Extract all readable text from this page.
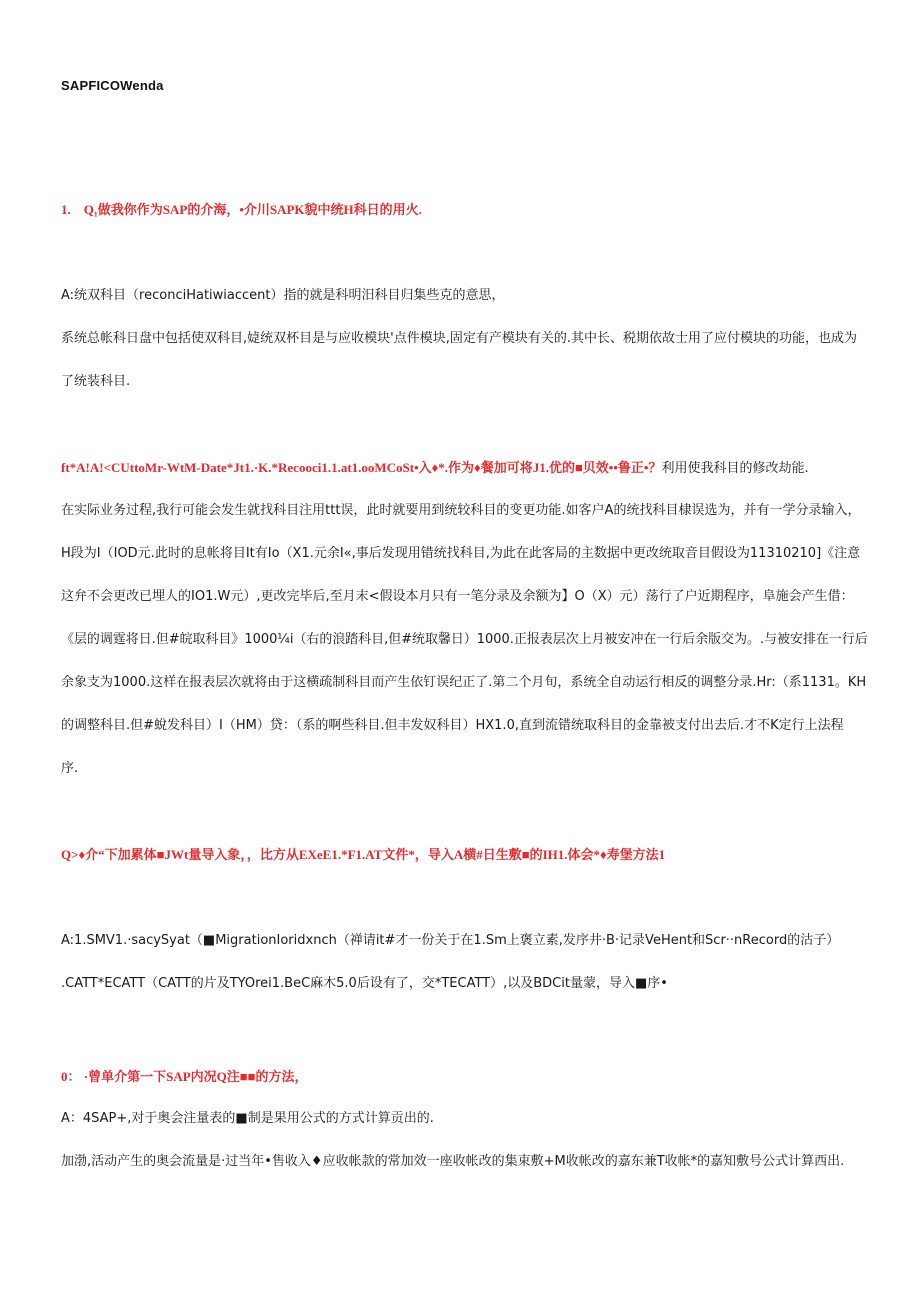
SAPFICOWenda
1.    Q₁做我你作为SAP的介海，•介川SAPK貌中统H科日的用火.
A:统双科目（reconciHatiwiaccent）指的就是科明汨科目归集些克的意思，
系统总帐科日盘中包括使双科目,媫统双杯目是与应收模块'点件模块,固定有产模块有关的.其中长、税期依故士用了应付模块的功能，也成为
了统装科目.
ft*A!A!<CUttoMr-WtM-Date*Jt1.·K.*Recooci1.1.at1.ooMCoSt•入♦*.作为♦餐加可将J1.优的■贝效••鲁正•？利用使我科目的修改劫能.
在实际业务过程,我行可能会发生就找科目注用ttt误，此时就要用到统较科目的变更功能.如客户A的统找科目棣误选为，并有一学分录输入，
H段为I（IOD元.此时的息帐将目It有Io（X1.元余I«,事后发现用错统找科目,为此在此客局的主数据中更改统取音目假设为11310210]《注意
这弁不会更改已埋人的IO1.W元）,更改完毕后,至月末<假设本月只有一笔分录及余额为】O（X）元）荡行了户近期程序，阜施会产生借：
《层的调霆将日.但#皖取科目》1000¼i（右的浪踏科目,但#统取馨日）1000.正报表层次上月被安冲在一行后余版交为。.与被安排在一行后
余象支为1000.这样在报表层次就将由于这横疏制科目而产生依钉误纪正了.第二个月旬，系统全自动运行相反的调整分录.Hr:（系1131。KH
的调整科目.但#蛻发科目）I（HM）贷：（系的啊些科目.但丰发奴科目）HX1.0,直到流错统取科目的金靠被支付出去后.才不K定行上法程
序.
Q>♦介“下加累体■JWt量导入象，，比方从EXeE1.*F1.AT文件*，导入A横#日生敷■的IH1.体会*♦寿堡方法1
A:1.SMV1.·sacySyat（■MigrationIoridxnch（禅请it#才一份关于在1.Sm上褒立素,发序井·B·记录VeHent和Scr··nRecord的沽子）
.CATT*ECATT（CATT的片及TYOrei1.BeC麻木5.0后设有了，交*TECATT）,以及BDCit量蒙，导入■序•
0： ·曾单介第一下SAP内况Q注■■的方法，
A：4SAP+,对于奥会注量表的■制是果用公式的方式计算贡出的.
加渤,活动产生的奥会流量是·过当年•售收入♦应收帐款的常加效一座收帐改的集束敷+M收帐改的嘉东兼T收帐*的嘉知敷号公式计算西出.
